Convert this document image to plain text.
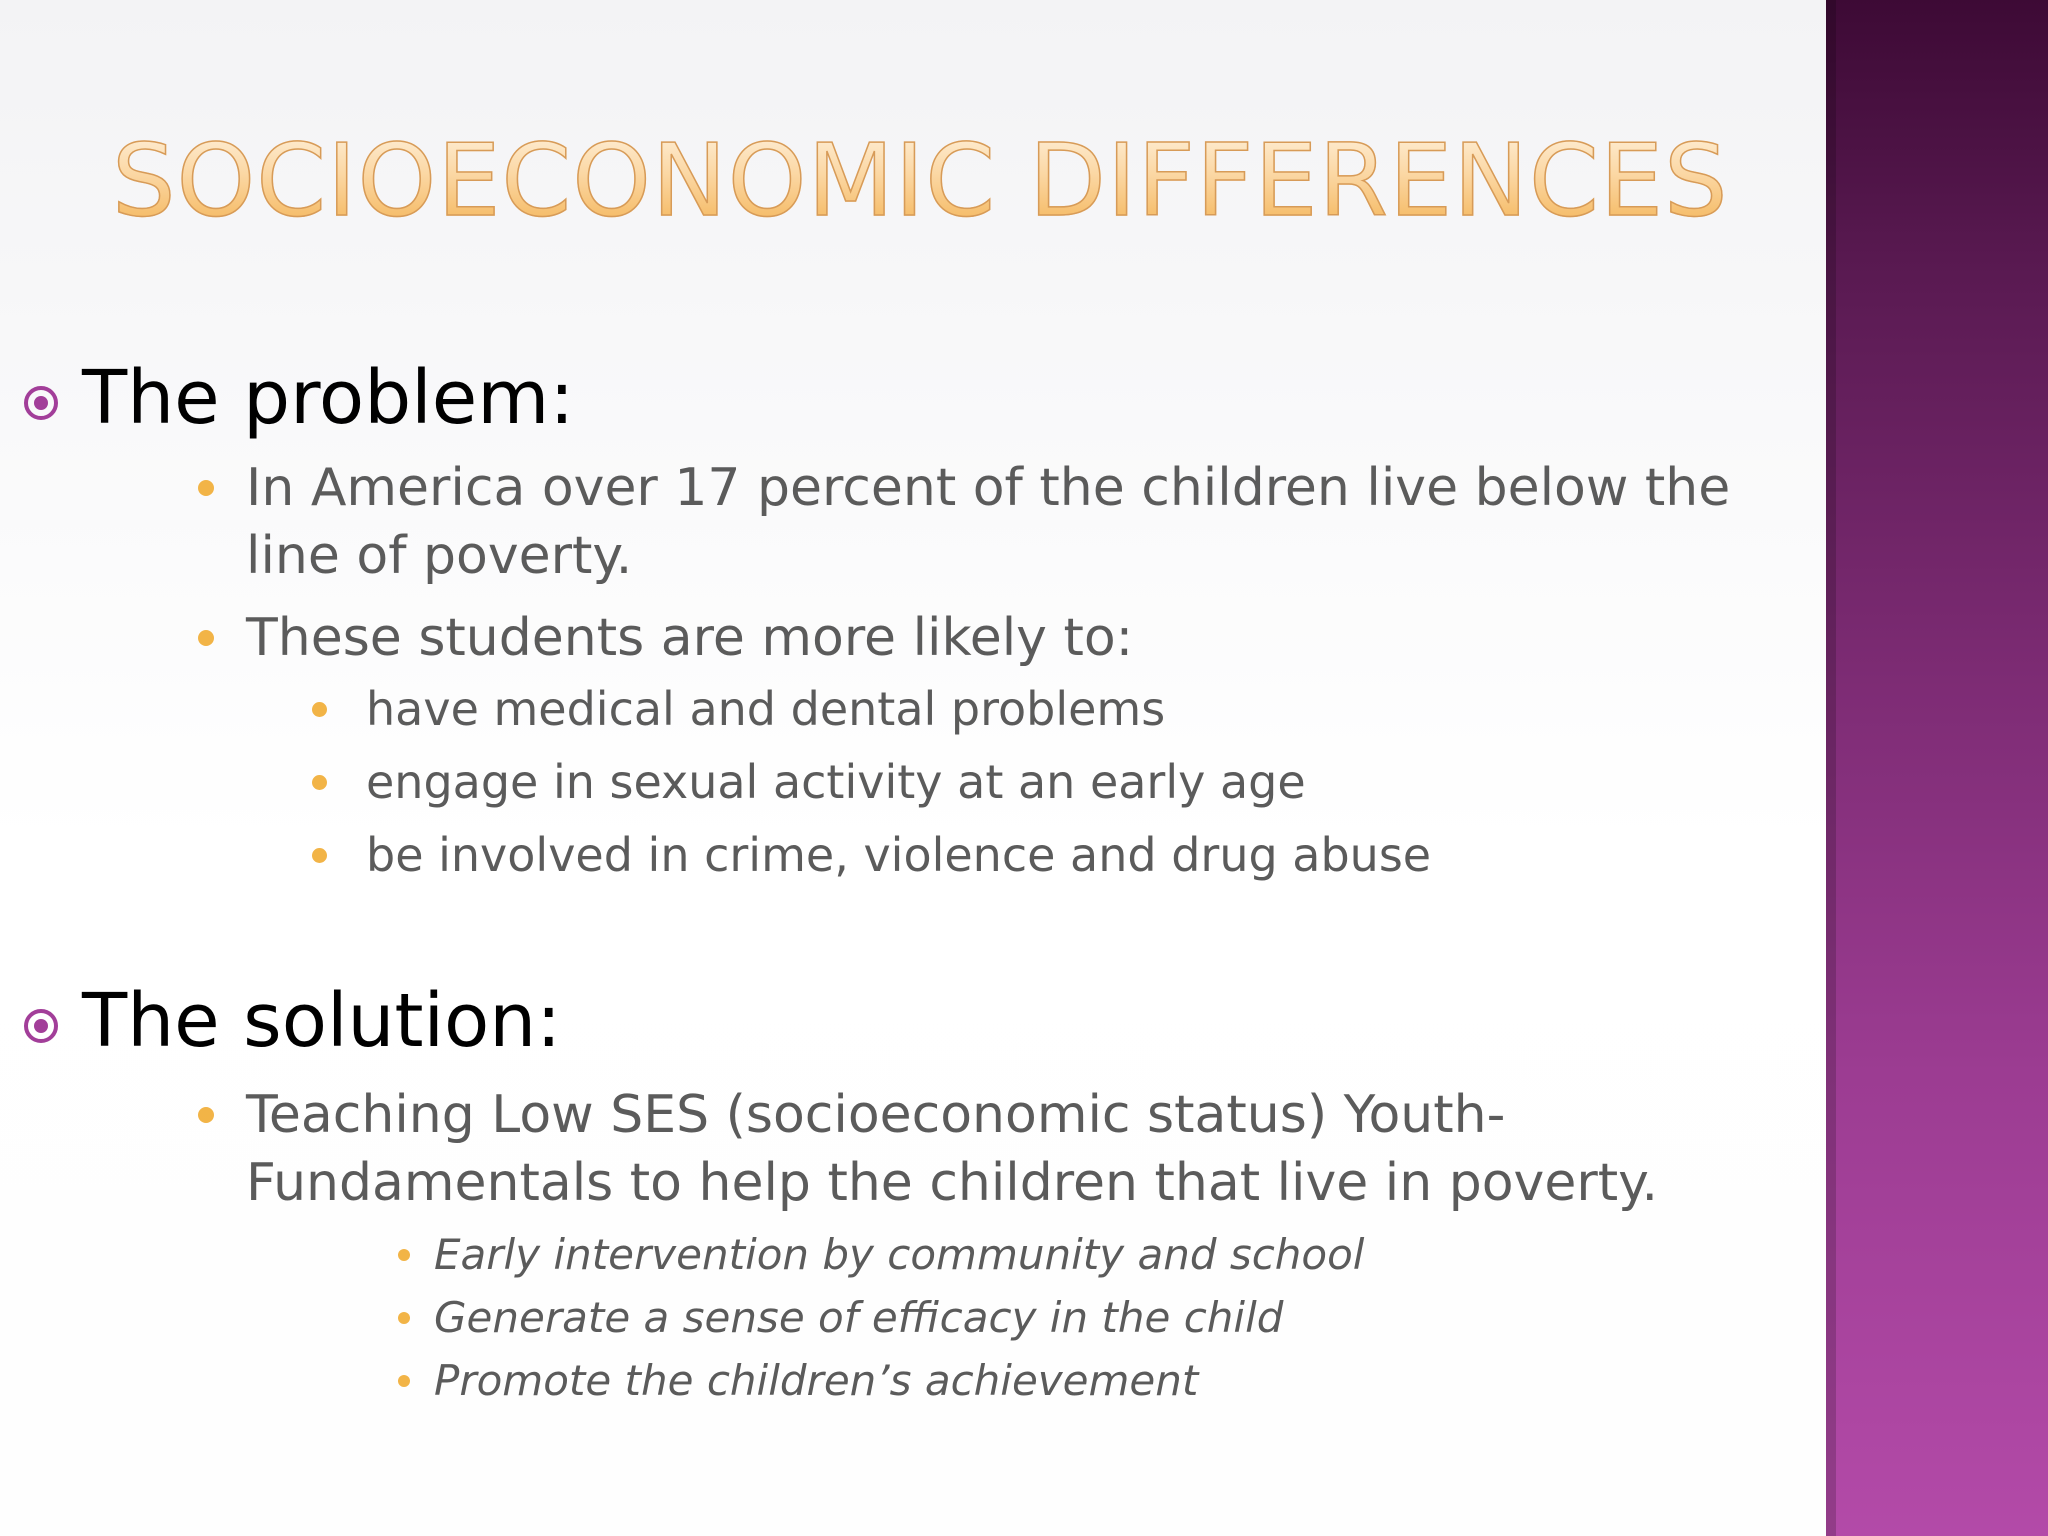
SOCIOECONOMIC DIFFERENCES
The problem:
In America over 17 percent of the children live below the line of poverty.
These students are more likely to:
have medical and dental problems
engage in sexual activity at an early age
be involved in crime, violence and drug abuse
The solution:
Teaching Low SES (socioeconomic status) Youth-Fundamentals to help the children that live in poverty.
Early intervention by community and school
Generate a sense of efficacy in the child
Promote the children’s achievement
